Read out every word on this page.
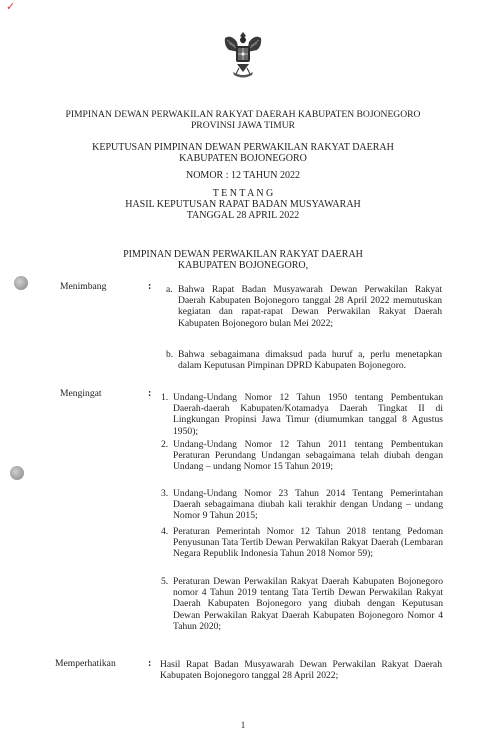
✓
PIMPINAN DEWAN PERWAKILAN RAKYAT DAERAH KABUPATEN BOJONEGORO
PROVINSI JAWA TIMUR
KEPUTUSAN PIMPINAN DEWAN PERWAKILAN RAKYAT DAERAH
KABUPATEN BOJONEGORO
NOMOR : 12 TAHUN 2022
T E N T A N G
HASIL KEPUTUSAN RAPAT BADAN MUSYAWARAH
TANGGAL 28 APRIL 2022
PIMPINAN DEWAN PERWAKILAN RAKYAT DAERAH
KABUPATEN BOJONEGORO,
Menimbang	: a. Bahwa Rapat Badan Musyawarah Dewan Perwakilan Rakyat Daerah Kabupaten Bojonegoro tanggal 28 April 2022 memutuskan kegiatan dan rapat-rapat Dewan Perwakilan Rakyat Daerah Kabupaten Bojonegoro bulan Mei 2022;
b. Bahwa sebagaimana dimaksud pada huruf a, perlu menetapkan dalam Keputusan Pimpinan DPRD Kabupaten Bojonegoro.
Mengingat	: 1. Undang-Undang Nomor 12 Tahun 1950 tentang Pembentukan Daerah-daerah Kabupaten/Kotamadya Daerah Tingkat II di Lingkungan Propinsi Jawa Timur (diumumkan tanggal 8 Agustus 1950);
2. Undang-Undang Nomor 12 Tahun 2011 tentang Pembentukan Peraturan Perundang Undangan sebagaimana telah diubah dengan Undang – undang Nomor 15 Tahun 2019;
3. Undang-Undang Nomor 23 Tahun 2014 Tentang Pemerintahan Daerah sebagaimana diubah kali terakhir dengan Undang – undang Nomor 9 Tahun 2015;
4. Peraturan Pemerintah Nomor 12 Tahun 2018 tentang Pedoman Penyusunan Tata Tertib Dewan Perwakilan Rakyat Daerah (Lembaran Negara Republik Indonesia Tahun 2018 Nomor 59);
5. Peraturan Dewan Perwakilan Rakyat Daerah Kabupaten Bojonegoro nomor 4 Tahun 2019 tentang Tata Tertib Dewan Perwakilan Rakyat Daerah Kabupaten Bojonegoro yang diubah dengan Keputusan Dewan Perwakilan Rakyat Daerah Kabupaten Bojonegoro Nomor 4 Tahun 2020;
Memperhatikan	: Hasil Rapat Badan Musyawarah Dewan Perwakilan Rakyat Daerah Kabupaten Bojonegoro tanggal 28 April 2022;
1
